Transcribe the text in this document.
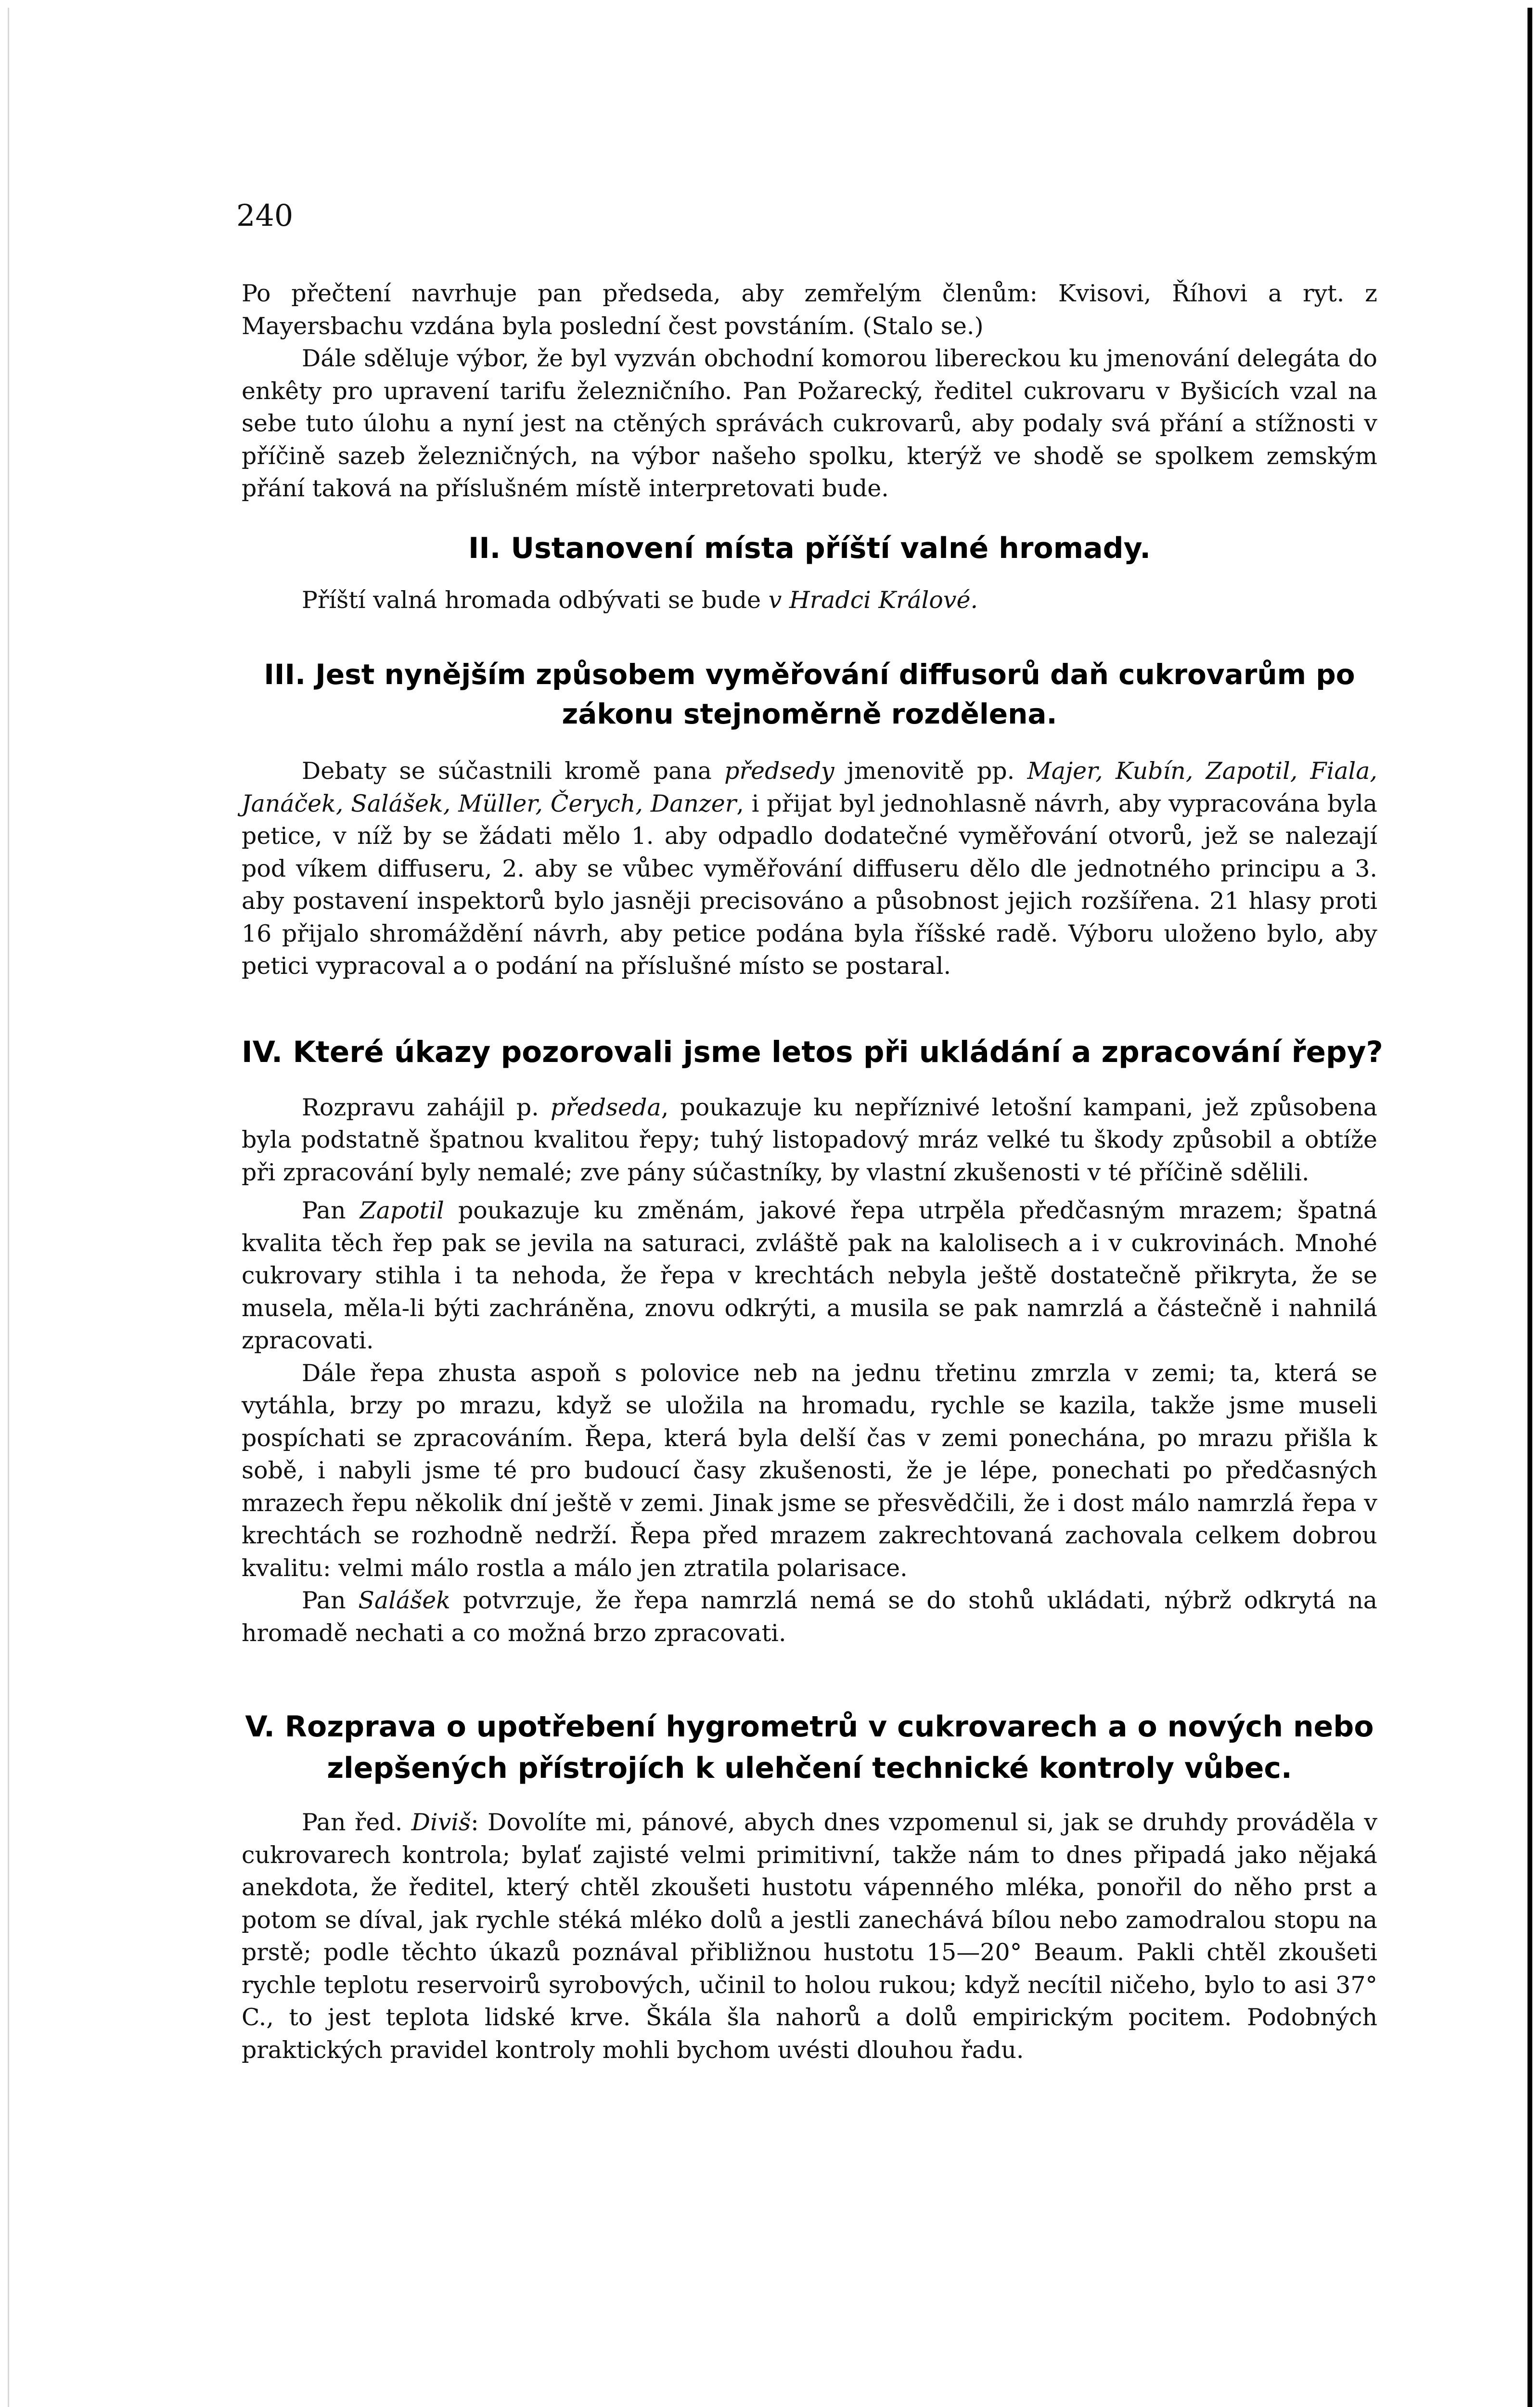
240

Po přečtení navrhuje pan předseda, aby zemřelým členům: Kvisovi, Říhovi a ryt. z Mayersbachu vzdána byla poslední čest povstáním. (Stalo se.)

Dále sděluje výbor, že byl vyzván obchodní komorou libereckou ku jmenování delegáta do enkêty pro upravení tarifu železničního. Pan Požarecký, ředitel cukrovaru v Byšicích vzal na sebe tuto úlohu a nyní jest na ctěných správách cukrovarů, aby podaly svá přání a stížnosti v příčině sazeb železničných, na výbor našeho spolku, kterýž ve shodě se spolkem zemským přání taková na příslušném místě interpretovati bude.

II. Ustanovení místa příští valné hromady.

Příští valná hromada odbývati se bude v Hradci Králové.

III. Jest nynějším způsobem vyměřování diffusorů daň cukrovarům po zákonu stejnoměrně rozdělena.

Debaty se súčastnili kromě pana předsedy jmenovitě pp. Majer, Kubín, Zapotil, Fiala, Janáček, Salášek, Müller, Čerych, Danzer, i přijat byl jednohlasně návrh, aby vypracována byla petice, v níž by se žádati mělo 1. aby odpadlo dodatečné vyměřování otvorů, jež se nalezají pod víkem diffuseru, 2. aby se vůbec vyměřování diffuseru dělo dle jednotného principu a 3. aby postavení inspektorů bylo jasněji precisováno a působnost jejich rozšířena. 21 hlasy proti 16 přijalo shromáždění návrh, aby petice podána byla říšské radě. Výboru uloženo bylo, aby petici vypracoval a o podání na příslušné místo se postaral.

IV. Které úkazy pozorovali jsme letos při ukládání a zpracování řepy?

Rozpravu zahájil p. předseda, poukazuje ku nepříznivé letošní kampani, jež způsobena byla podstatně špatnou kvalitou řepy; tuhý listopadový mráz velké tu škody způsobil a obtíže při zpracování byly nemalé; zve pány súčastníky, by vlastní zkušenosti v té příčině sdělili.

Pan Zapotil poukazuje ku změnám, jakové řepa utrpěla předčasným mrazem; špatná kvalita těch řep pak se jevila na saturaci, zvláště pak na kalolisech a i v cukrovinách. Mnohé cukrovary stihla i ta nehoda, že řepa v krechtách nebyla ještě dostatečně přikryta, že se musela, měla-li býti zachráněna, znovu odkrýti, a musila se pak namrzlá a částečně i nahnilá zpracovati.

Dále řepa zhusta aspoň s polovice neb na jednu třetinu zmrzla v zemi; ta, která se vytáhla, brzy po mrazu, když se uložila na hromadu, rychle se kazila, takže jsme museli pospíchati se zpracováním. Řepa, která byla delší čas v zemi ponechána, po mrazu přišla k sobě, i nabyli jsme té pro budoucí časy zkušenosti, že je lépe, ponechati po předčasných mrazech řepu několik dní ještě v zemi. Jinak jsme se přesvědčili, že i dost málo namrzlá řepa v krechtách se rozhodně nedrží. Řepa před mrazem zakrechtovaná zachovala celkem dobrou kvalitu: velmi málo rostla a málo jen ztratila polarisace.

Pan Salášek potvrzuje, že řepa namrzlá nemá se do stohů ukládati, nýbrž odkrytá na hromadě nechati a co možná brzo zpracovati.

V. Rozprava o upotřebení hygrometrů v cukrovarech a o nových nebo zlepšených přístrojích k ulehčení technické kontroly vůbec.

Pan řed. Diviš: Dovolíte mi, pánové, abych dnes vzpomenul si, jak se druhdy prováděla v cukrovarech kontrola; bylať zajisté velmi primitivní, takže nám to dnes připadá jako nějaká anekdota, že ředitel, který chtěl zkoušeti hustotu vápenného mléka, ponořil do něho prst a potom se díval, jak rychle stéká mléko dolů a jestli zanechává bílou nebo zamodralou stopu na prstě; podle těchto úkazů poznával přibližnou hustotu 15—20° Beaum. Pakli chtěl zkoušeti rychle teplotu reservoirů syrobových, učinil to holou rukou; když necítil ničeho, bylo to asi 37° C., to jest teplota lidské krve. Škála šla nahorů a dolů empirickým pocitem. Podobných praktických pravidel kontroly mohli bychom uvésti dlouhou řadu.
